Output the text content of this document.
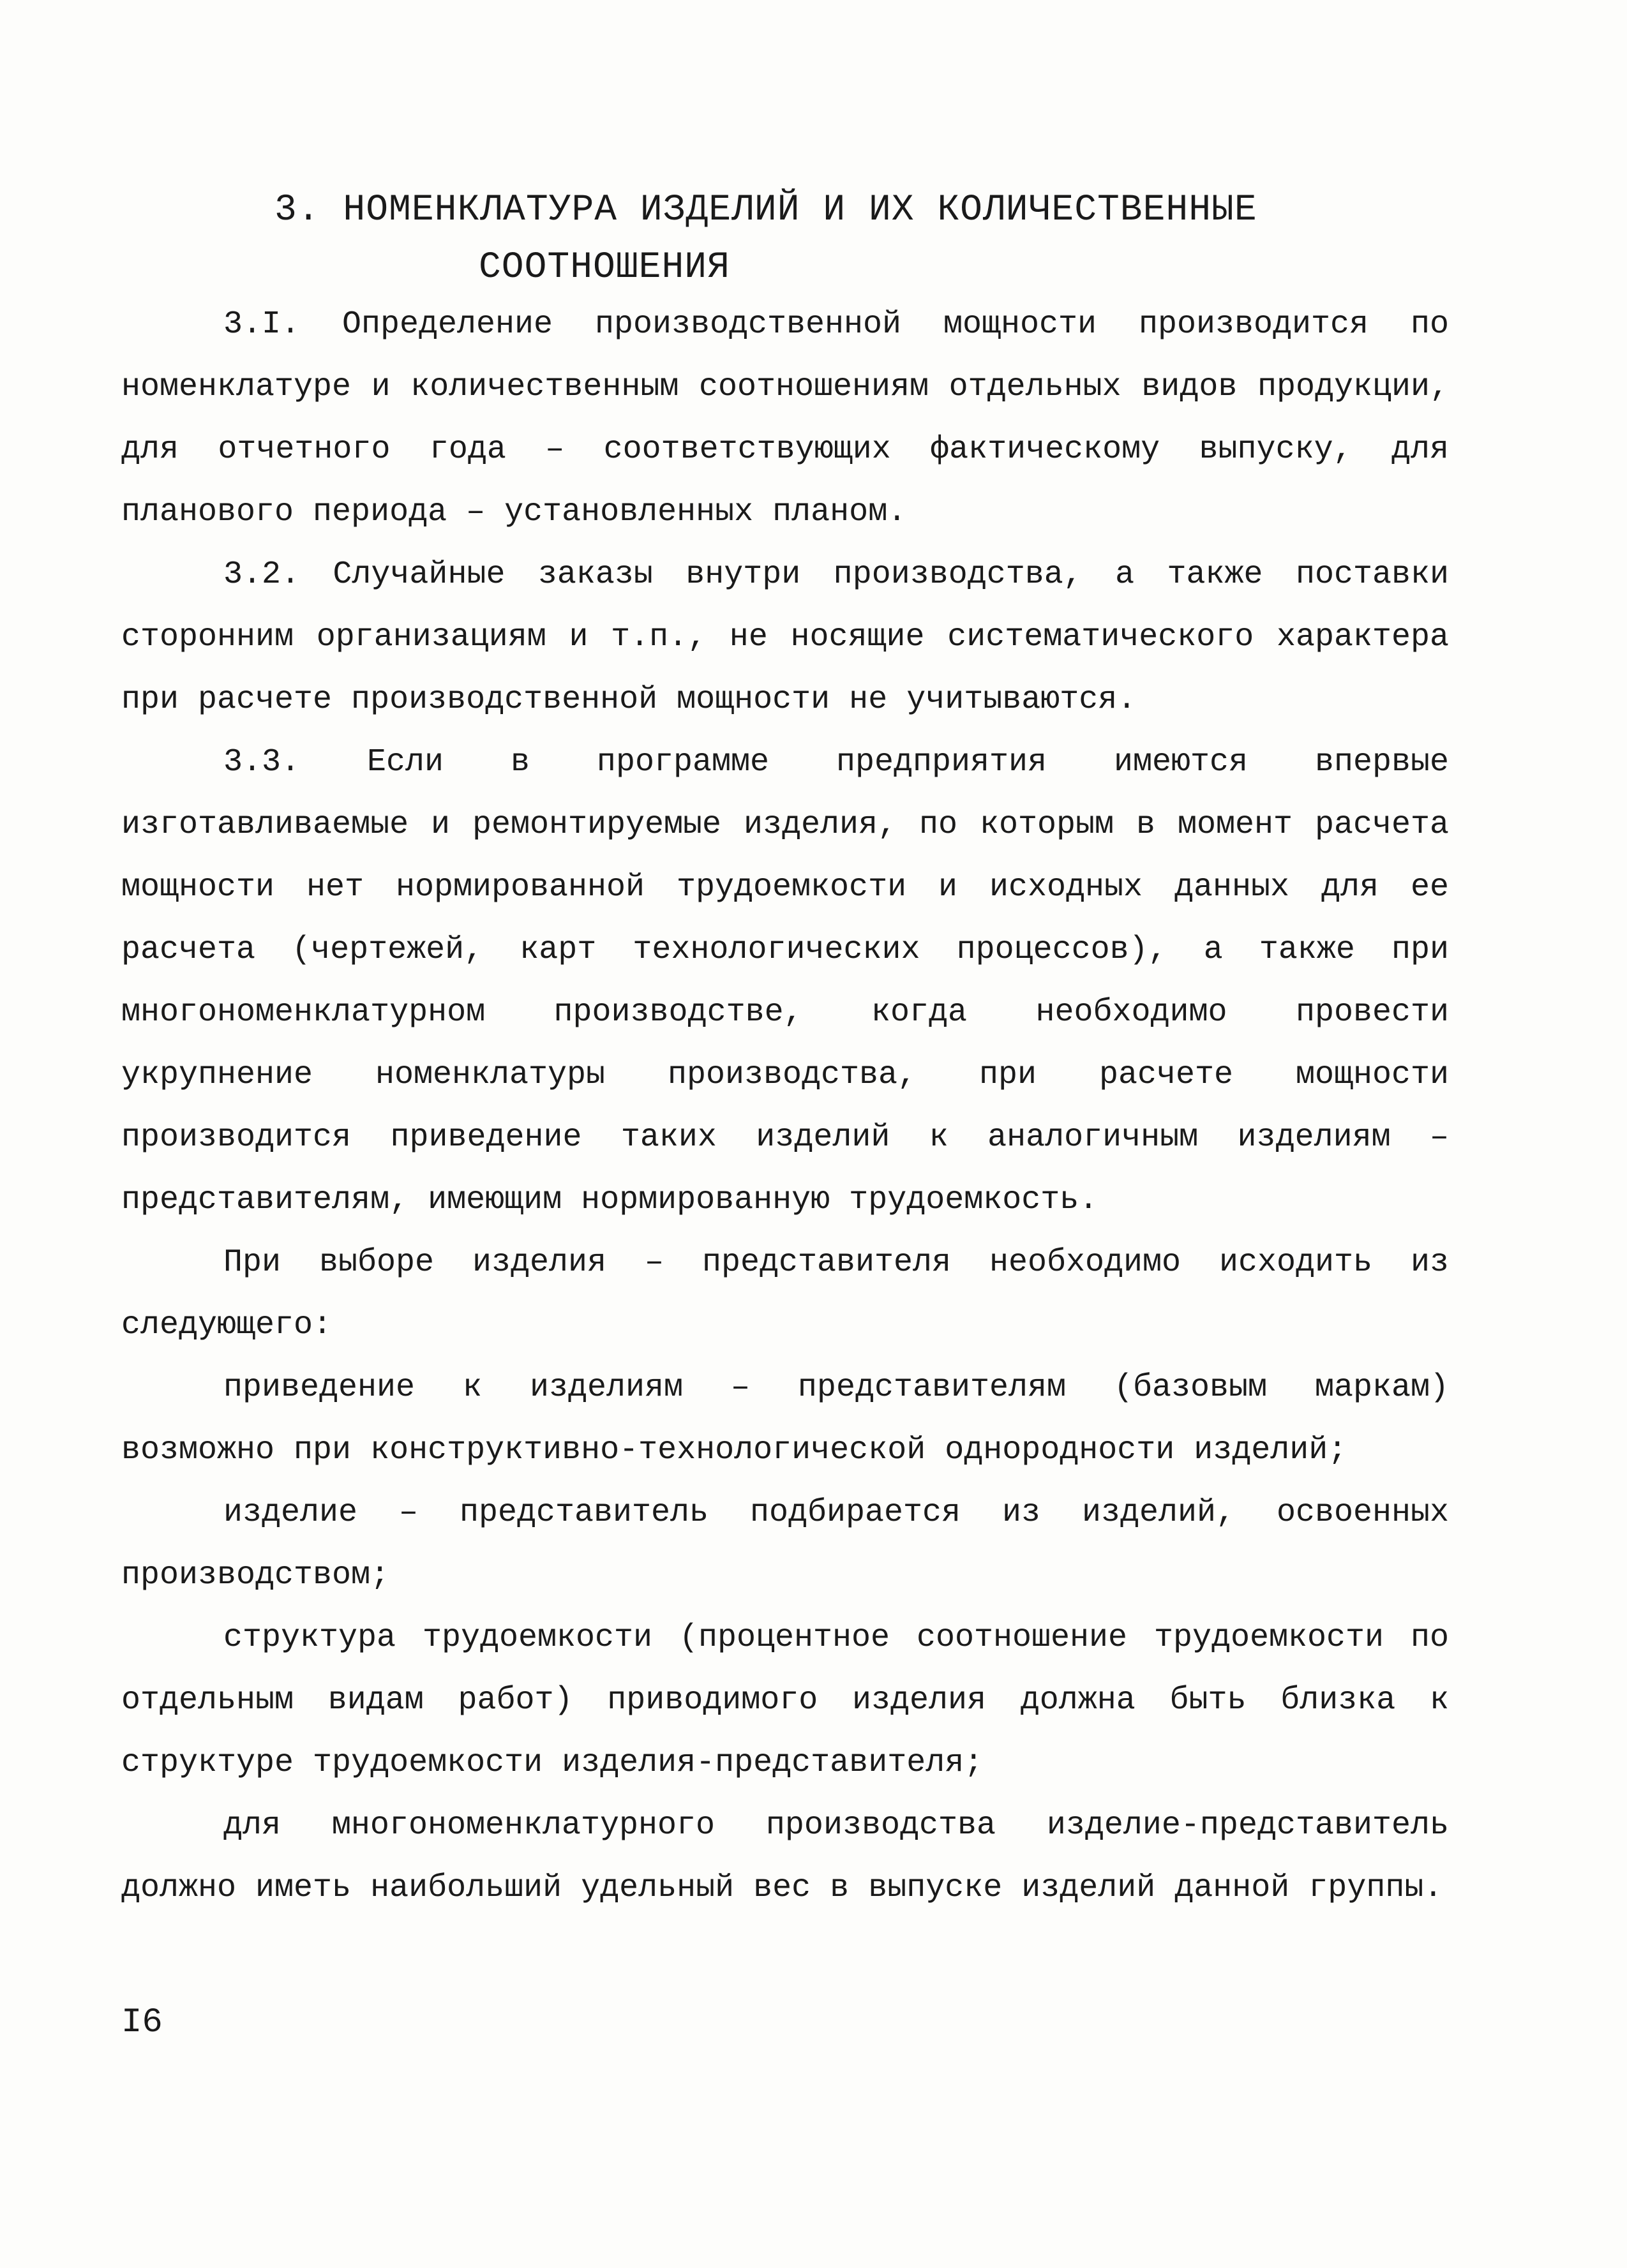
3. НОМЕНКЛАТУРА ИЗДЕЛИЙ И ИХ КОЛИЧЕСТВЕННЫЕ
СООТНОШЕНИЯ

3.I. Определение производственной мощности производится по номенклатуре и количественным соотношениям отдельных видов продукции, для отчетного года – соответствующих фактическому выпуску, для планового периода – установленных планом.

3.2. Случайные заказы внутри производства, а также поставки сторонним организациям и т.п., не носящие систематического характера при расчете производственной мощности не учитываются.

3.3. Если в программе предприятия имеются впервые изготавливаемые и ремонтируемые изделия, по которым в момент расчета мощности нет нормированной трудоемкости и исходных данных для ее расчета (чертежей, карт технологических процессов), а также при многономенклатурном производстве, когда необходимо провести укрупнение номенклатуры производства, при расчете мощности производится приведение таких изделий к аналогичным изделиям – представителям, имеющим нормированную трудоемкость.

При выборе изделия – представителя необходимо исходить из следующего:

приведение к изделиям – представителям (базовым маркам) возможно при конструктивно-технологической однородности изделий;

изделие – представитель подбирается из изделий, освоенных производством;

структура трудоемкости (процентное соотношение трудоемкости по отдельным видам работ) приводимого изделия должна быть близка к структуре трудоемкости изделия-представителя;

для многономенклатурного производства изделие-представитель должно иметь наибольший удельный вес в выпуске изделий данной группы.

I6
